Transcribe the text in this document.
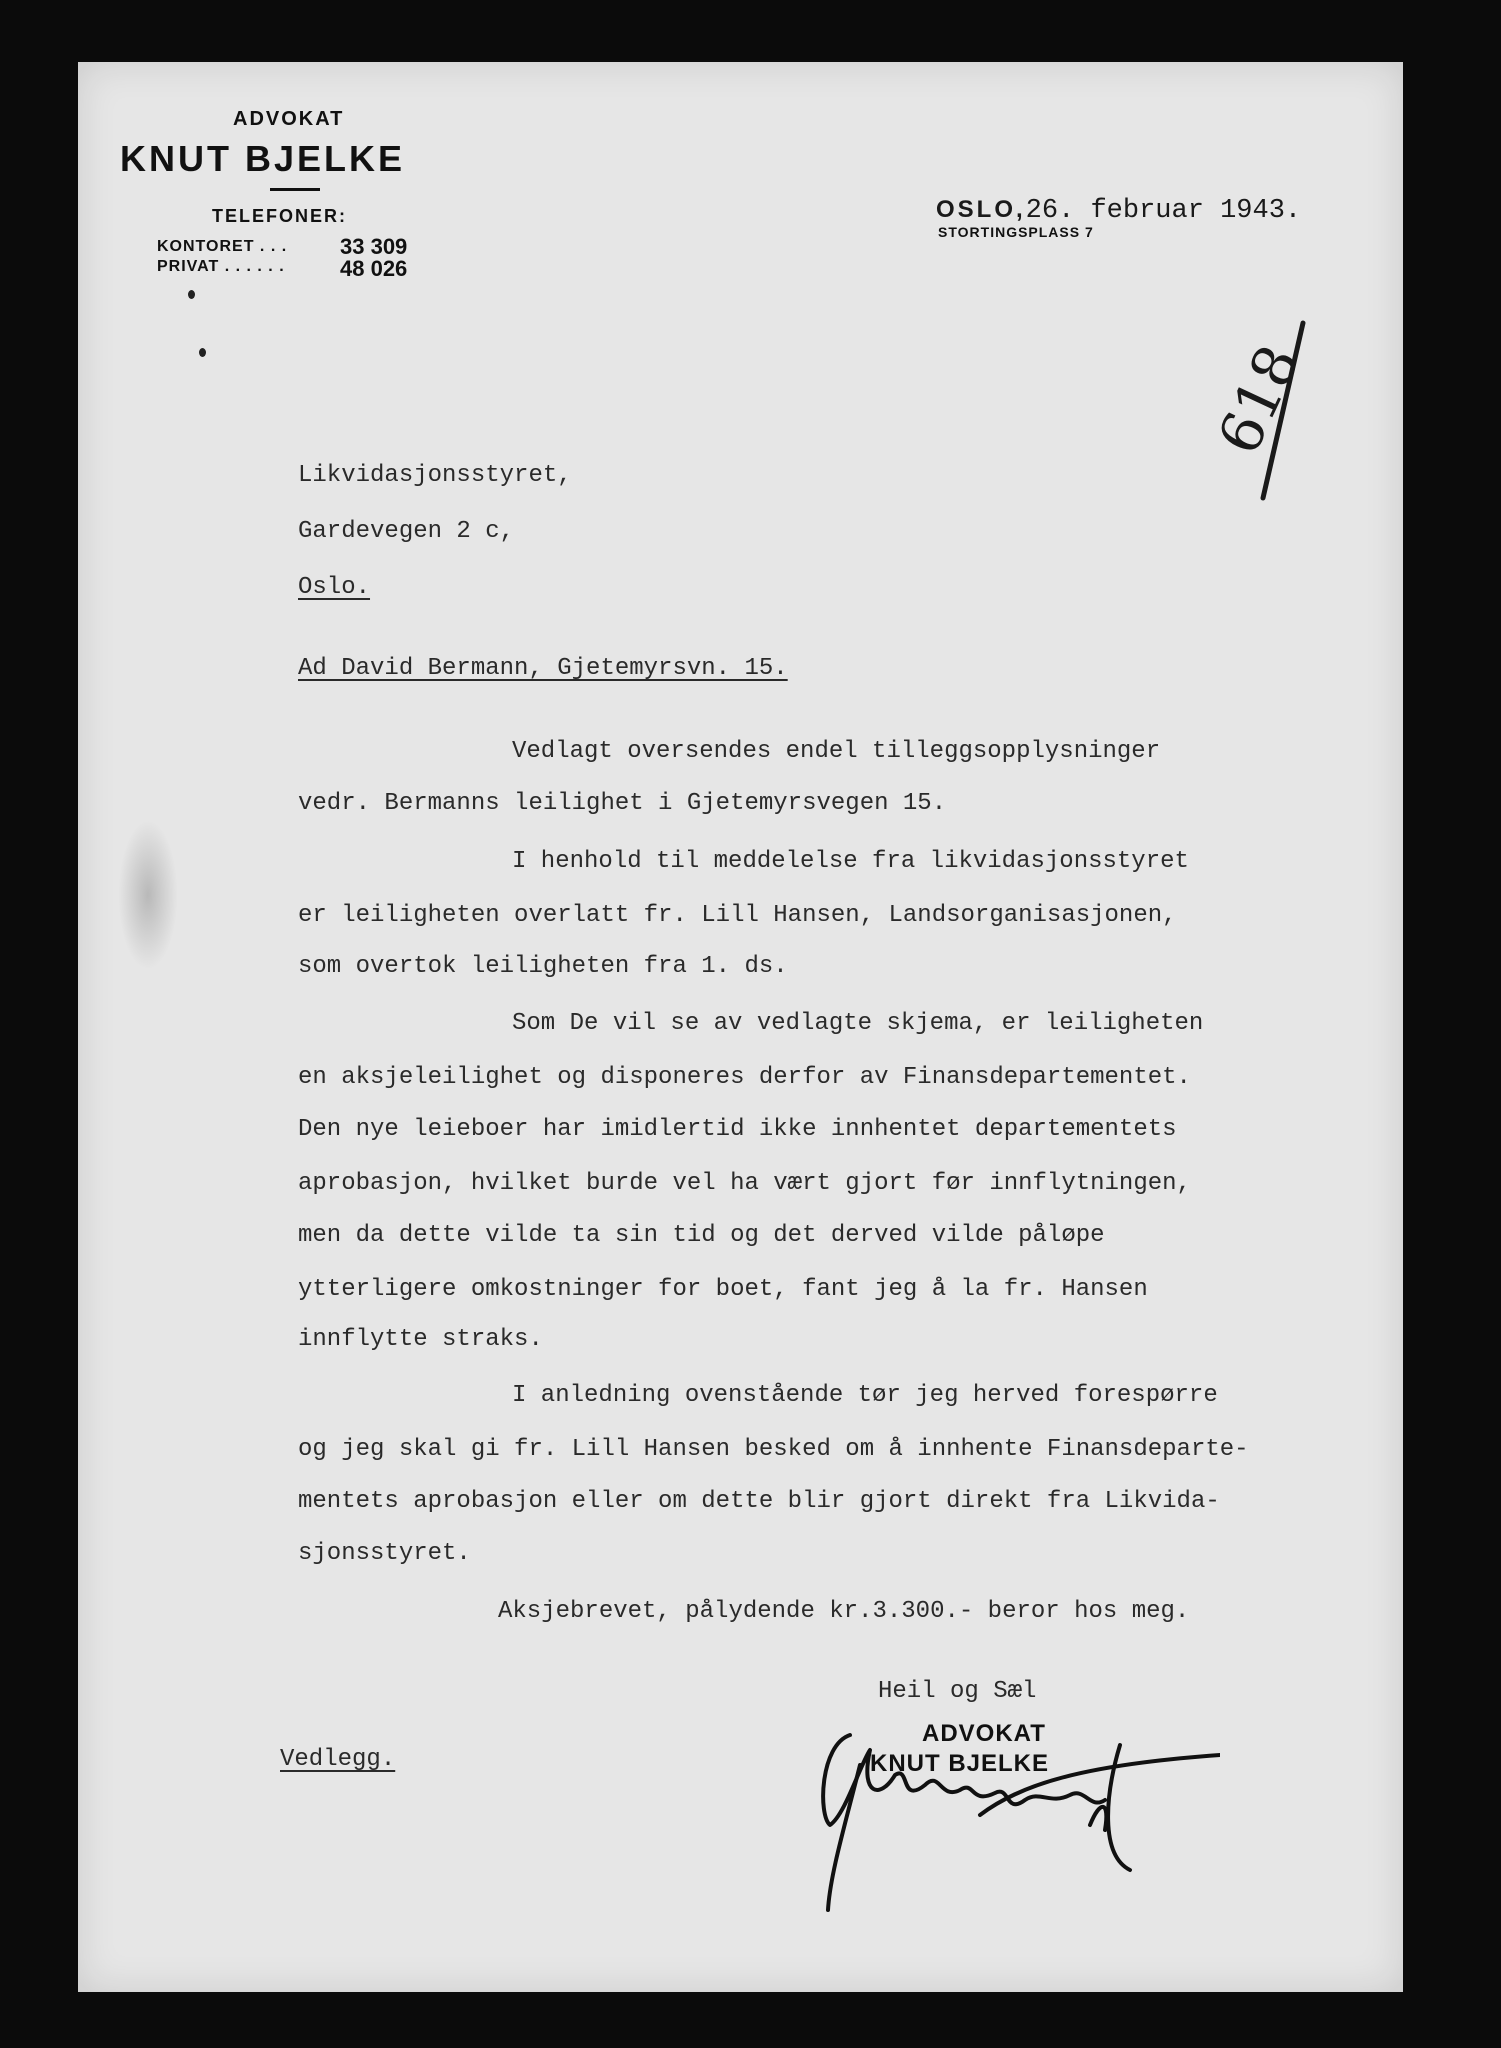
ADVOKAT
KNUT BJELKE
TELEFONER:
KONTORET . . . 33 309
PRIVAT . . . . . .	48 026
OSLO,26. februar 1943.
STORTINGSPLASS 7
618
Likvidasjonsstyret,
Gardevegen 2 c,
Oslo.
Ad David Bermann, Gjetemyrsvn. 15.
Vedlagt oversendes endel tilleggsopplysninger
vedr. Bermanns leilighet i Gjetemyrsvegen 15.
I henhold til meddelelse fra likvidasjonsstyret
er leiligheten overlatt fr. Lill Hansen, Landsorganisasjonen,
som overtok leiligheten fra 1. ds.
Som De vil se av vedlagte skjema, er leiligheten
en aksjeleilighet og disponeres derfor av Finansdepartementet.
Den nye leieboer har imidlertid ikke innhentet departementets
aprobasjon, hvilket burde vel ha vært gjort før innflytningen,
men da dette vilde ta sin tid og det derved vilde påløpe
ytterligere omkostninger for boet, fant jeg å la fr. Hansen
innflytte straks.
I anledning ovenstående tør jeg herved forespørre
og jeg skal gi fr. Lill Hansen besked om å innhente Finansdeparte-
mentets aprobasjon eller om dette blir gjort direkt fra Likvida-
sjonsstyret.
Aksjebrevet, pålydende kr.3.300.- beror hos meg.
Heil og Sæl
Vedlegg.
ADVOKAT
KNUT BJELKE
